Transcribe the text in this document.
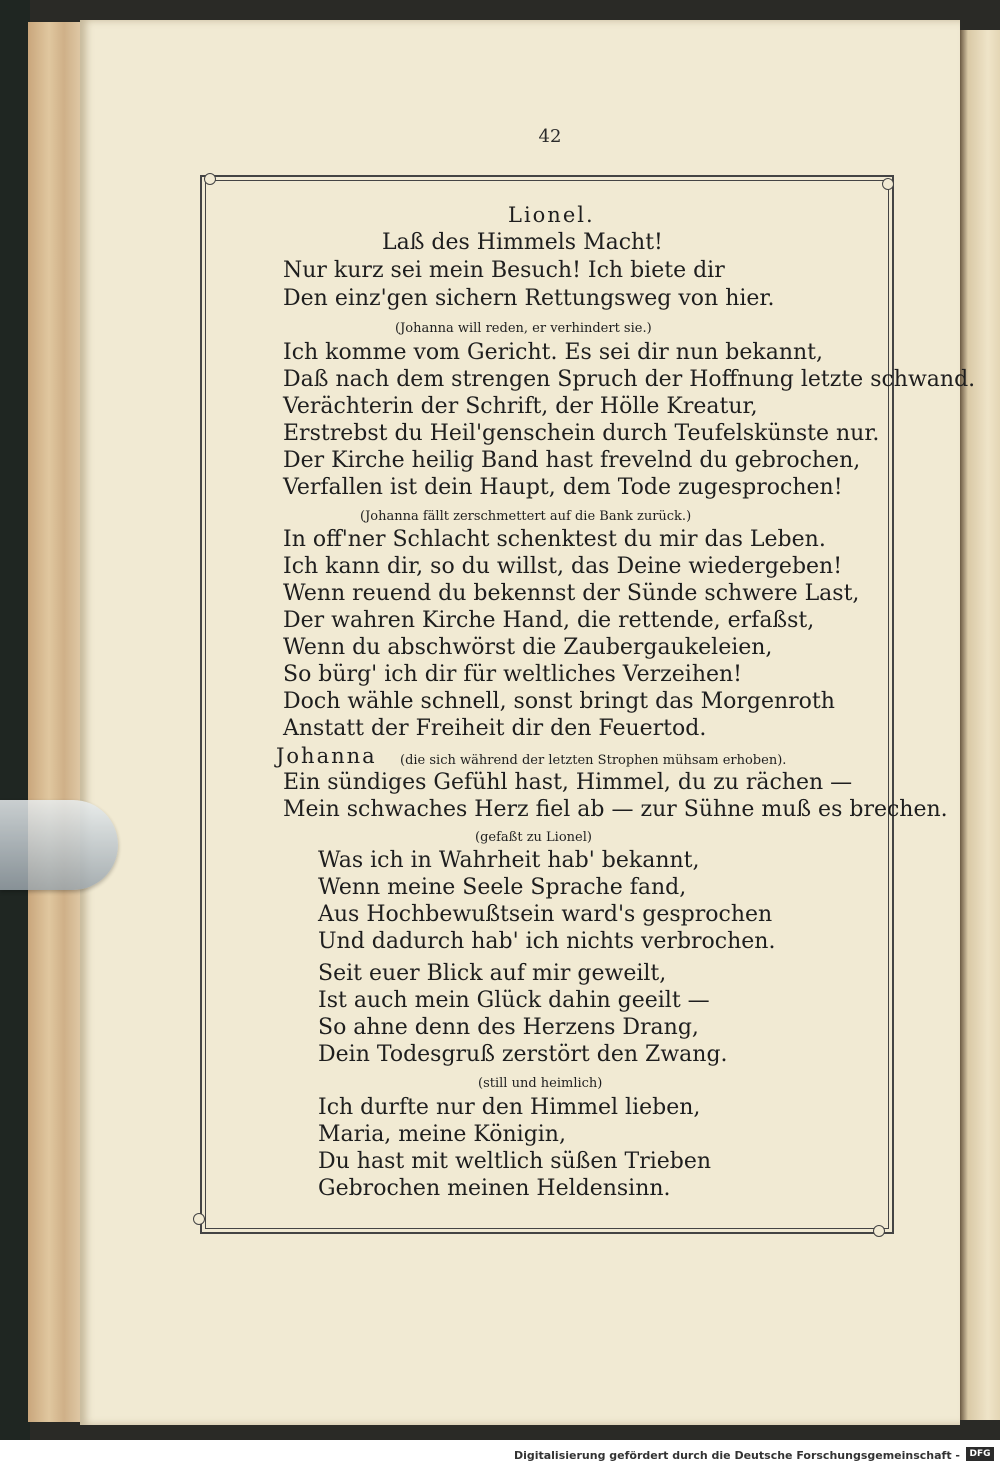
42
Lionel.
Laß des Himmels Macht!
Nur kurz sei mein Besuch! Ich biete dir
Den einz'gen sichern Rettungsweg von hier.
(Johanna will reden, er verhindert sie.)
Ich komme vom Gericht. Es sei dir nun bekannt,
Daß nach dem strengen Spruch der Hoffnung letzte schwand.
Verächterin der Schrift, der Hölle Kreatur,
Erstrebst du Heil'genschein durch Teufelskünste nur.
Der Kirche heilig Band hast frevelnd du gebrochen,
Verfallen ist dein Haupt, dem Tode zugesprochen!
(Johanna fällt zerschmettert auf die Bank zurück.)
In off'ner Schlacht schenktest du mir das Leben.
Ich kann dir, so du willst, das Deine wiedergeben!
Wenn reuend du bekennst der Sünde schwere Last,
Der wahren Kirche Hand, die rettende, erfaßst,
Wenn du abschwörst die Zaubergaukeleien,
So bürg' ich dir für weltliches Verzeihen!
Doch wähle schnell, sonst bringt das Morgenroth
Anstatt der Freiheit dir den Feuertod.
Johanna (die sich während der letzten Strophen mühsam erhoben).
Ein sündiges Gefühl hast, Himmel, du zu rächen —
Mein schwaches Herz fiel ab — zur Sühne muß es brechen.
(gefaßt zu Lionel)
Was ich in Wahrheit hab' bekannt,
Wenn meine Seele Sprache fand,
Aus Hochbewußtsein ward's gesprochen
Und dadurch hab' ich nichts verbrochen.
Seit euer Blick auf mir geweilt,
Ist auch mein Glück dahin geeilt —
So ahne denn des Herzens Drang,
Dein Todesgruß zerstört den Zwang.
(still und heimlich)
Ich durfte nur den Himmel lieben,
Maria, meine Königin,
Du hast mit weltlich süßen Trieben
Gebrochen meinen Heldensinn.
Digitalisierung gefördert durch die Deutsche Forschungsgemeinschaft -	DFG
